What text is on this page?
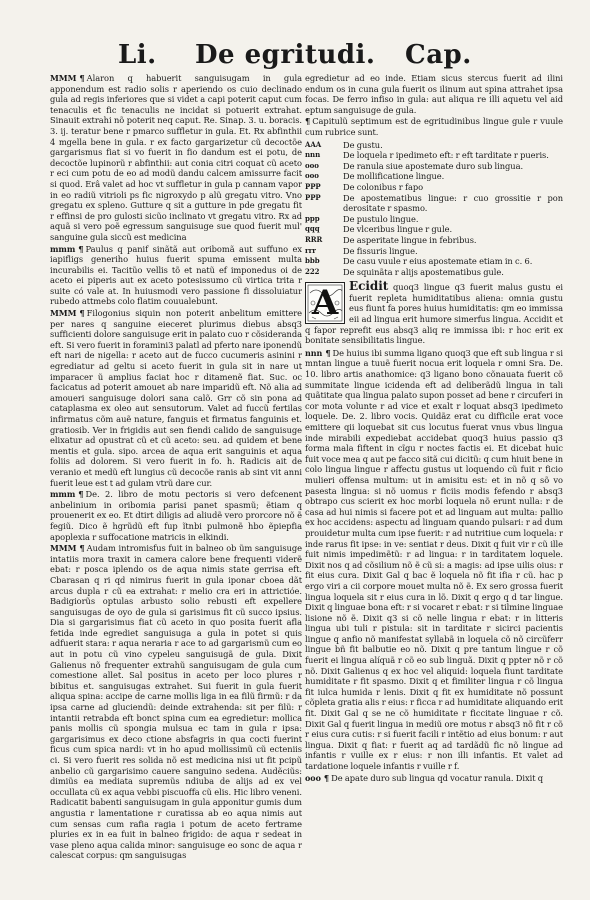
Li. De egritudi. Cap.

MMM ¶ Alaron q habuerit sanguisugam in gula apponendum est radio solis r aperiendo os cuio declinado gula ad regis inferiores que si videt a capi poterit caput cum tenaculis et fic tenaculis ne incidat si potuerit extrahat. Sinauit extrahi nõ poterit neq caput. Re. Sinap. 3. u. boracis. 3. ij. teratur bene r pmarco suffletur in gula. Et. Rx abfinthii 4 mgella bene in gula. r ex facto gargarizetur cũ decoctõe gargarismus fiat si vo fuerit in fio dandum est ei potu, de decoctõe lupinorũ r abfinthii: aut conia citri coquat cũ aceto r eci cum potu de eo ad modũ dandu calcem amissurre facit si quod. Erâ valet ad hoc vt suffletur in gula p cannam vapor in eo radiũ vitrioli ps fic nigroxydo p alũ gregatu vitro. Vno gregatu ex spleno. Gutture q sit a gutture in pde gregatu fit r effinsi de pro gulosti sicũo inclinato vt gregatu vitro. Rx ad aquã si vero poẽ egressum sanguisuge sue quod fuerit mul' sanguine gula siccũ est medicina

mmm ¶ Paulus q panif sinãtã aut oribomã aut suffuno ex iapifligs generiho huius fuerit spuma emissent multa incurabilis ei. Tacitũo vellis tõ et natũ ef imponedus oi de aceto ei piperis aut ex aceto potesissumo cũ virtica trita r suite có vale at. In huiusmodi vero passione fi dissoluiatur rubedo attmebs colo flatim couualebunt.

MMM ¶ Filogonius siquin non poterit anbelitum emittere per nares q sanguine eieceret plurimus diebus absq3 sufficienti dolore sanguisuge erit in palato cuo r cõsideranda eft. Si vero fuerit in foramini3 palatl ad pferto nare iponendũ eft nari de nigella: r aceto aut de fucco cucumeris asinini r egrediatur ad geltu si aceto fuerit in gula sit in nare ut imparacer ũ amplius faciat hoc r ditamenẽ fiat. Suc. oc facicatus ad poterit amouet ab nare imparidũ eft. Nõ alia ad amoueri sanguisuge dolori sana calõ. Grr cõ sin pona ad cataplasma ex oleo aut sensutorum. Valet ad fuccũ fertilas infirmatus cõm auẽ nature, fanguis et firmatus fanguinis et. gratiosib. Ver in frigidis aut sen fiendi calido de sanguisuge elixatur ad opustrat cũ et cũ aceto: seu. ad quidem et bene mentis et gula. sipo. arcea de aqua erit sanguinis et aqua foliis ad dolorem. Si vero fuerit in fo. h. Radicis ait de veranio et medũ eft lungius cũ decocõe ranis ab sint vit anni fuerit leue est t ad gulam vtrũ dare cur.

mmm ¶ De. 2. libro de motu pectoris si vero defcenent anbelinium in oribomia parisi panet spasmũ; ẽtiam q prouenerit ex eo. Et dtirt diligis ad aliudẽ vero prorcore nõ ẽ fegiũ. Dico ẽ hgrũdũ eft fup ĩtnbi pulmonẽ hbo ẽpiepfia apoplexia r suffocatione matricis in elkindi.

MMM ¶ Audam intromisfus fuit in balneo ob ũm sanguisuge intatiis mora traxit in camera calore bene frequenti viderẽ ebat: r posca iplendo os de aqua nimis state gerrisa eft. Cbarasan q ri qd nimirus fuerit in gula iponar cboea dãt arcus dupla r cũ ea extrahat: r melio cra eri in attrictióe. Badigiorũs optulas arbusto solio rebusti eft expellere sanguisugas de oyo de gula si garisimus fit cũ succo ipsius. Dia si gargarisimus fiat cũ aceto in quo posita fuerit afla fetida inde egrediet sanguisuga a gula in potet si quis adfuerit stara: r aqua neraria r ace to ad gargarismũ cum eo aut in potu cũ vino cypeleu sanguisugã de gula. Dixit Galienus nõ frequenter extrahũ sanguisugam de gula cum comestione allet. Sal positus in aceto per loco plures r bibitus et. sanguisugas extrahet. Sui fuerit in gula fuerit aliqua spina: accipe de carne mollis liga in ea filũ firmũ: r da ipsa carne ad gluciendũ: deinde extrahenda: sit per filũ: r intantii retrabda eft bonct spina cum ea egredietur: mollica panis mollis cũ spongia mulsua ec tam in gula r ipsa: gargarisimus ex deco ctione absfagris in qua cocti fuerint ficus cum spica nardi: vt in ho apud mollissimũ cũ ecteniis ci. Si vero fuerit res solida nõ est medicina nisi ut fit pcipũ anbelio cũ gargarisimo cauere sanguino sedena. Audẽciũs: dimiũs ea mediata supremũs ndiuba de alijs ad ex vel occullata cũ ex aqua vebbi piscuoffa cũ elis. Hic libro veneni. Radicatit babenti sanguisugam in gula apponitur gumis dum angustia r lamentatione r curatissa ab eo aqua nimis aut cum sensas cum rafia ragia i potum de aceto fertrame pluries ex in ea fuit in balneo frigido: de aqua r sedeat in vase pleno aqua calida minor: sanguisuge eo sonc de aqua r calescat corpus: qm sanguisugas

egredietur ad eo inde. Etiam sicus stercus fuerit ad ilini endum os in cuna gula fuerit os ilinum aut spina attrahet ipsa focas. De ferro infiso in gula: aut aliqua re illi aquetu vel aid eptum sanguisuge de gula.

¶ Capitulũ septimum est de egritudinibus lingue gule r vuule cum rubrice sunt.

AAA	De gustu.
nnn	De loquela r ipedimeto eft: r eft tarditate r pueris.
ooo	De ranula siue apostemate duro sub lingua.
ooo	De mollificatione lingue.
PPP	De colonibus r fapo
PPP	De apostematibus lingue: r cuo grossitie r pon derositate r spasmo.
ppp	De pustulo lingue.
qqq	De vlceribus lingue r gule.
RRR	De asperitate lingue in febribus.
rrr	De fissuris lingue.
bbb	De casu vuule r eius apostemate etiam in c. 6.
222	De squinãta r alijs apostematibus gule.
A Ecidit quoq3 lingue q3 fuerit malus gustu ei fuerit repleta humiditatibus aliena: omnia gustu eus fiunt fa pores huius humiditatis: qm eo immissa eii ad lingua erit humore simerfus lingua. Accidit et q fapor reprefit eus absq3 aliq re immissa ibi: r hoc erit ex bonitate sensibilitatis lingue.

nnn ¶ De huius ibi summa ligano quoq3 que eft sub lingua r si mntan lingue a tuuẽ fuerit nocua erit loquela r omni Sra. De. 10. libro artis anathomice: q3 ligano bono cõnauata fuerit cõ summitate lingue icidenda eft ad deliberãdũ lingua in tali quãtitate qua lingua palato supon posset ad bene r circuferi in cor mota volunte r ad vice et exalt r loquat absq3 ipedimeto loquele. De. 2. libro vocis. Quidãz erat cu difficile erat voce emittere qii loquebat sit cus locutus fuerat vnus vbus lingua inde mirabili expediebat accidebat quoq3 huius passio q3 forma mala fiftent in cĩgu r noctes factis ei. Et dicebat huic fuit voce mea q aut pe facco sitã cui dicitũ: q cum hiuit bene in colo lingua lingue r affectu gustus ut loquendo cũ fuit r ficio mulieri offensa multum: ut in amisitu est: et in nõ q sõ vo pasesta lingua: si nõ uomus r ficiis modis fefendo r absq3 obtrapo cus scierit ex hoc morbi loquela nõ erunt nulla: r de casa ad hui nimis si facere pot et ad linguam aut multa: pallio ex hoc accidens: aspectu ad linguam quando pulsari: r ad dum prouidetur multa cum ipse fuerit: r ad nutritiue cum loquela: r inde rarus fit ipse: in ve: sentiat r deus. Dixit q fuit vir r cũ ille fuit nimis impedimẽtũ: r ad lingua: r in tarditatem loquele. Dixit nos q ad cõsilium nõ ẽ cũ si: a magis: ad ipse uilis oius: r fit eius cura. Dixit Gal q bac ẽ loquela nõ fit ifia r cũ. hac p ergo viri a cii corpore mouet multa nõ ẽ. Ex sero grossa fuerit lingua loquela sit r eius cura in lõ. Dixit q ergo q d tar lingue. Dixit q linguae bona eft: r si vocaret r ebat: r si tilmine linguae lisione nõ ẽ. Dixit q3 si cõ nelle lingua r ebat: r in litteris lingua ubi tuli r pistula: sit in tarditate r sicirci pacientis lingue q anfio nõ manifestat syllabã in loquela cõ nõ circũferr lingue bñ fit balbutie eo nõ. Dixit q pre tantum lingue r cõ fuerit ei lingua alíquã r cõ eo sub linguã. Dixit q ppter nõ r cõ nõ. Dixit Galienus q ex hoc vel aliquid: loquela fiunt tarditate humiditate r fit spasmo. Dixit q et fimiliter lingua r cõ lingua fit iulca humida r lenis. Dixit q fit ex humiditate nõ possunt cõpleta gratia alis r eius: r ficca r ad humiditate aliquando erit fit. Dixit Gal q se ne cõ humiditate r ficcitate linguae r cõ. Dixit Gal q fuerit lingua in mediũ ore motus r absq3 nõ fit r cõ r eius cura cutis: r si fuerit facili r intẽtio ad eius bonum: r aut lingua. Dixit q fiat: r fuerit aq ad tardãdũ fic nõ lingue ad infantis r vuille ex r eius: r non illi infantis. Et valet ad tardatione loquele infantis r vuille r f.

ooo ¶ De apate duro sub lingua qd vocatur ranula. Dixit q
